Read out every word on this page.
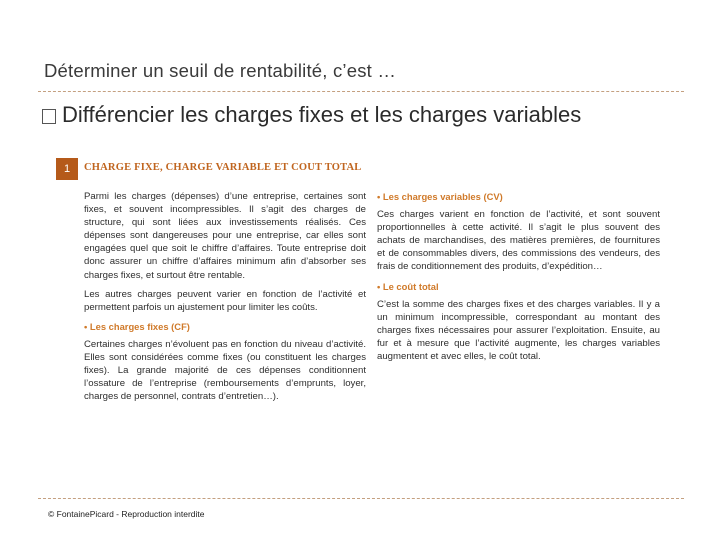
Déterminer un seuil de rentabilité, c’est …
Différencier les charges fixes et les charges variables
1	CHARGE FIXE, CHARGE VARIABLE ET COUT TOTAL

Parmi les charges (dépenses) d’une entreprise, certaines sont fixes, et souvent incompressibles. Il s’agit des charges de structure, qui sont liées aux investissements réalisés. Ces dépenses sont dangereuses pour une entreprise, car elles sont engagées quel que soit le chiffre d’affaires. Toute entreprise doit donc assurer un chiffre d’affaires minimum afin d’absorber ses charges fixes, et surtout être rentable.

Les autres charges peuvent varier en fonction de l’activité et permettent parfois un ajustement pour limiter les coûts.

• Les charges fixes (CF)

Certaines charges n’évoluent pas en fonction du niveau d’activité. Elles sont considérées comme fixes (ou constituent les charges fixes). La grande majorité de ces dépenses conditionnent l’ossature de l’entreprise (remboursements d’emprunts, loyer, charges de personnel, contrats d’entretien…).

• Les charges variables (CV)

Ces charges varient en fonction de l’activité, et sont souvent proportionnelles à cette activité. Il s’agit le plus souvent des achats de marchandises, des matières premières, de fournitures et de consommables divers, des commissions des vendeurs, des frais de conditionnement des produits, d’expédition…

• Le coût total

C’est la somme des charges fixes et des charges variables. Il y a un minimum incompressible, correspondant au montant des charges fixes nécessaires pour assurer l’exploitation. Ensuite, au fur et à mesure que l’activité augmente, les charges variables augmentent et avec elles, le coût total.

© FontainePicard - Reproduction interdite
